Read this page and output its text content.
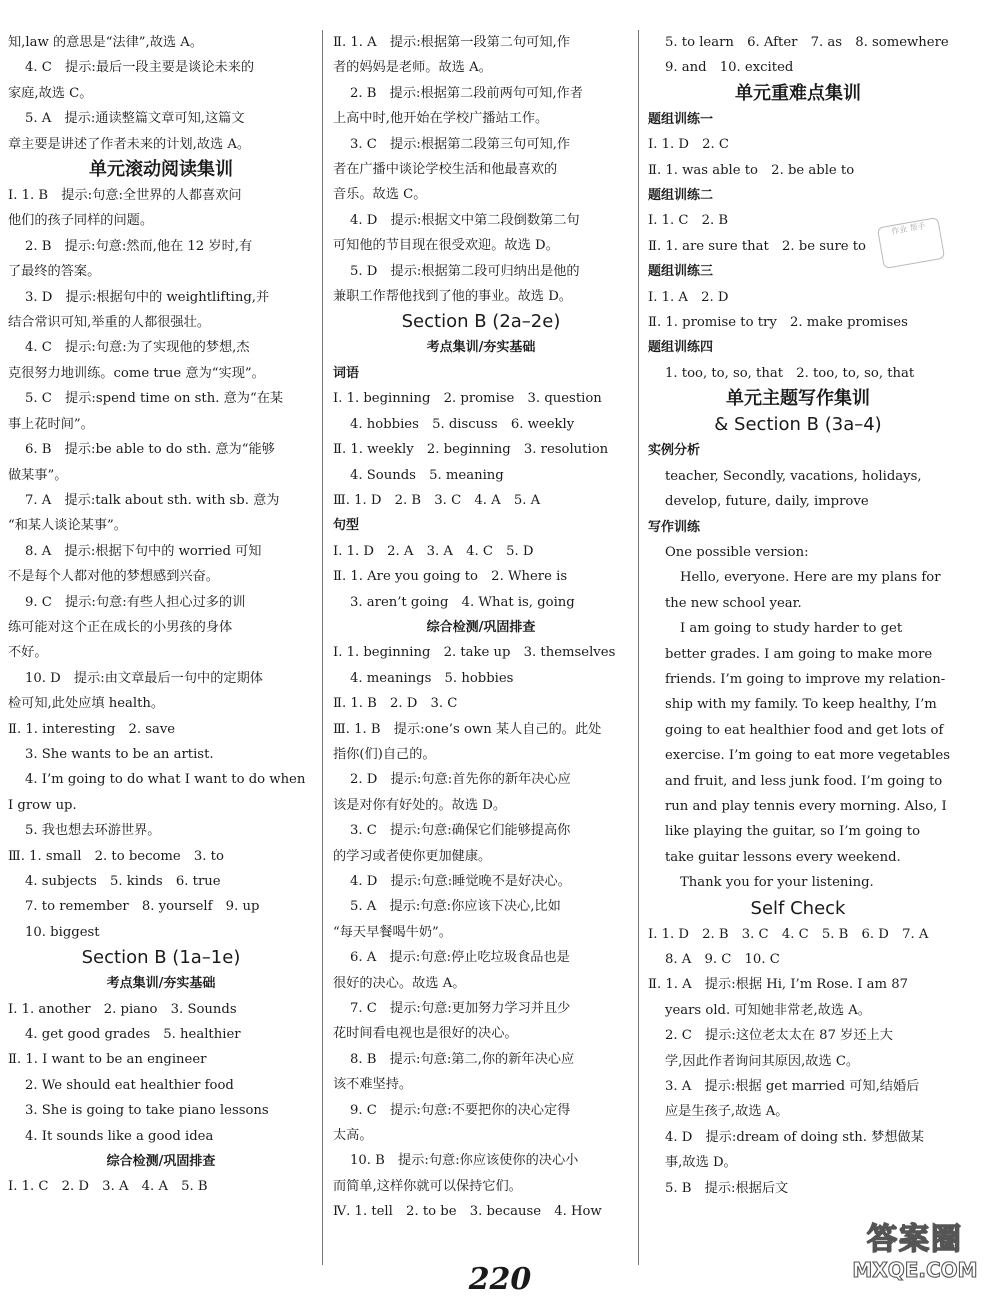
知,law 的意思是“法律”,故选 A。
4. C　提示:最后一段主要是谈论未来的
家庭,故选 C。
5. A　提示:通读整篇文章可知,这篇文
章主要是讲述了作者未来的计划,故选 A。
单元滚动阅读集训
Ⅰ. 1. B　提示:句意:全世界的人都喜欢问
他们的孩子同样的问题。
2. B　提示:句意:然而,他在 12 岁时,有
了最终的答案。
3. D　提示:根据句中的 weightlifting,并
结合常识可知,举重的人都很强壮。
4. C　提示:句意:为了实现他的梦想,杰
克很努力地训练。come true 意为“实现”。
5. C　提示:spend time on sth. 意为“在某
事上花时间”。
6. B　提示:be able to do sth. 意为“能够
做某事”。
7. A　提示:talk about sth. with sb. 意为
“和某人谈论某事”。
8. A　提示:根据下句中的 worried 可知
不是每个人都对他的梦想感到兴奋。
9. C　提示:句意:有些人担心过多的训
练可能对这个正在成长的小男孩的身体
不好。
10. D　提示:由文章最后一句中的定期体
检可知,此处应填 health。
Ⅱ. 1. interesting　2. save
3. She wants to be an artist.
4. I’m going to do what I want to do when
I grow up.
5. 我也想去环游世界。
Ⅲ. 1. small　2. to become　3. to
4. subjects　5. kinds　6. true
7. to remember　8. yourself　9. up
10. biggest
Section B (1a–1e)
考点集训/夯实基础
Ⅰ. 1. another　2. piano　3. Sounds
4. get good grades　5. healthier
Ⅱ. 1. I want to be an engineer
2. We should eat healthier food
3. She is going to take piano lessons
4. It sounds like a good idea
综合检测/巩固排查
Ⅰ. 1. C　2. D　3. A　4. A　5. B
Ⅱ. 1. A　提示:根据第一段第二句可知,作
者的妈妈是老师。故选 A。
2. B　提示:根据第二段前两句可知,作者
上高中时,他开始在学校广播站工作。
3. C　提示:根据第二段第三句可知,作
者在广播中谈论学校生活和他最喜欢的
音乐。故选 C。
4. D　提示:根据文中第二段倒数第二句
可知他的节目现在很受欢迎。故选 D。
5. D　提示:根据第二段可归纳出是他的
兼职工作帮他找到了他的事业。故选 D。
Section B (2a–2e)
考点集训/夯实基础
词语
Ⅰ. 1. beginning　2. promise　3. question
4. hobbies　5. discuss　6. weekly
Ⅱ. 1. weekly　2. beginning　3. resolution
4. Sounds　5. meaning
Ⅲ. 1. D　2. B　3. C　4. A　5. A
句型
Ⅰ. 1. D　2. A　3. A　4. C　5. D
Ⅱ. 1. Are you going to　2. Where is
3. aren’t going　4. What is, going
综合检测/巩固排查
Ⅰ. 1. beginning　2. take up　3. themselves
4. meanings　5. hobbies
Ⅱ. 1. B　2. D　3. C
Ⅲ. 1. B　提示:one’s own 某人自己的。此处
指你(们)自己的。
2. D　提示:句意:首先你的新年决心应
该是对你有好处的。故选 D。
3. C　提示:句意:确保它们能够提高你
的学习或者使你更加健康。
4. D　提示:句意:睡觉晚不是好决心。
5. A　提示:句意:你应该下决心,比如
“每天早餐喝牛奶”。
6. A　提示:句意:停止吃垃圾食品也是
很好的决心。故选 A。
7. C　提示:句意:更加努力学习并且少
花时间看电视也是很好的决心。
8. B　提示:句意:第二,你的新年决心应
该不难坚持。
9. C　提示:句意:不要把你的决心定得
太高。
10. B　提示:句意:你应该使你的决心小
而简单,这样你就可以保持它们。
Ⅳ. 1. tell　2. to be　3. because　4. How
5. to learn　6. After　7. as　8. somewhere
9. and　10. excited
单元重难点集训
题组训练一
Ⅰ. 1. D　2. C
Ⅱ. 1. was able to　2. be able to
题组训练二
Ⅰ. 1. C　2. B
Ⅱ. 1. are sure that　2. be sure to
题组训练三
Ⅰ. 1. A　2. D
Ⅱ. 1. promise to try　2. make promises
题组训练四
1. too, to, so, that　2. too, to, so, that
单元主题写作集训
& Section B (3a–4)
实例分析
teacher, Secondly, vacations, holidays,
develop, future, daily, improve
写作训练
One possible version:
Hello, everyone. Here are my plans for
the new school year.
I am going to study harder to get
better grades. I am going to make more
friends. I’m going to improve my relation-
ship with my family. To keep healthy, I’m
going to eat healthier food and get lots of
exercise. I’m going to eat more vegetables
and fruit, and less junk food. I’m going to
run and play tennis every morning. Also, I
like playing the guitar, so I’m going to
take guitar lessons every weekend.
Thank you for your listening.
Self Check
Ⅰ. 1. D　2. B　3. C　4. C　5. B　6. D　7. A
8. A　9. C　10. C
Ⅱ. 1. A　提示:根据 Hi, I’m Rose. I am 87
years old. 可知她非常老,故选 A。
2. C　提示:这位老太太在 87 岁还上大
学,因此作者询问其原因,故选 C。
3. A　提示:根据 get married 可知,结婚后
应是生孩子,故选 A。
4. D　提示:dream of doing sth. 梦想做某
事,故选 D。
5. B　提示:根据后文
作业 帮手
220
答案圈
MXQE.COM
